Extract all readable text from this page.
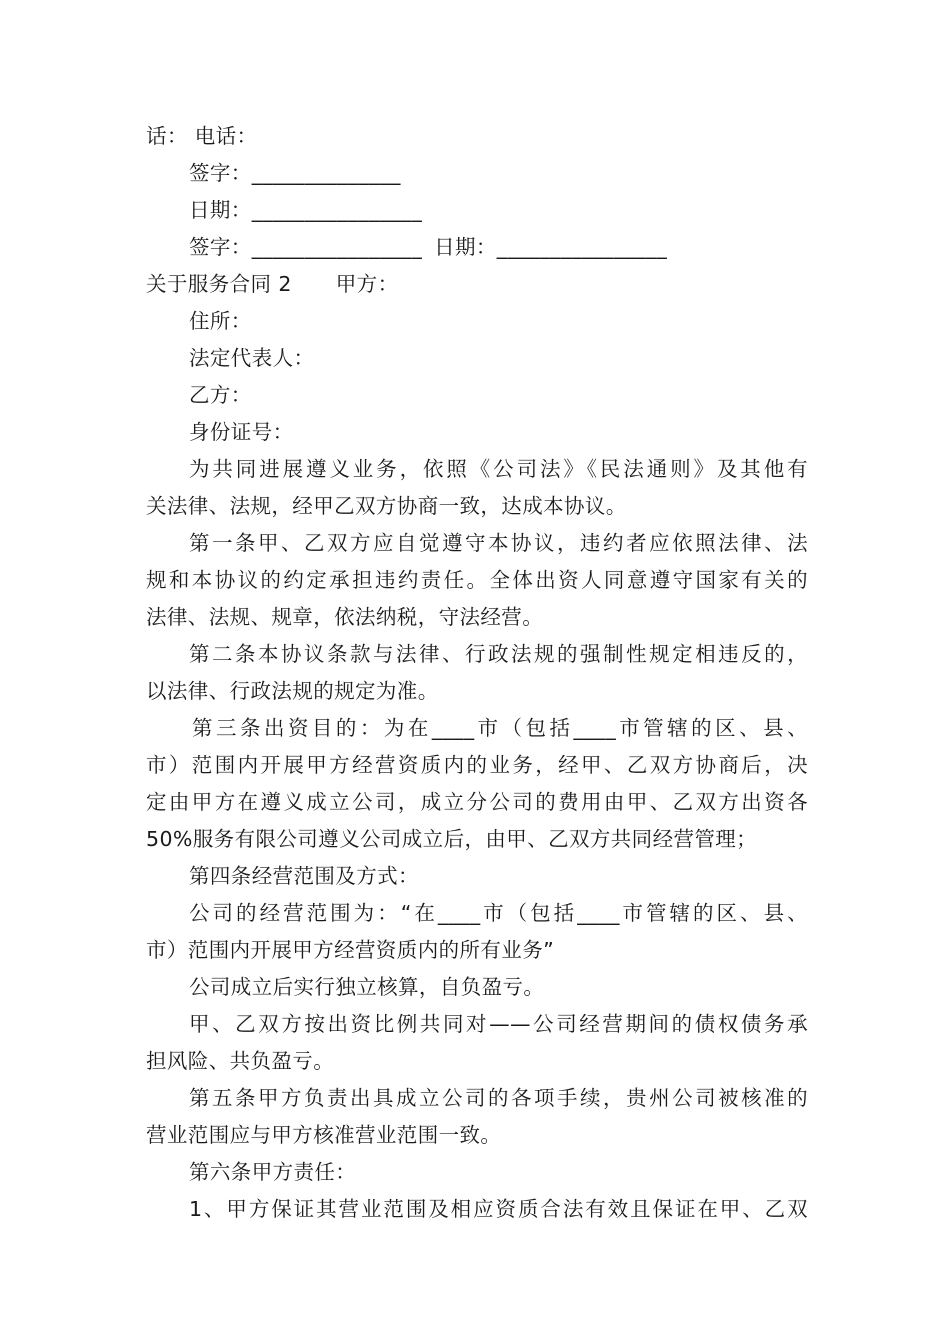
话： 电话：
签字：______________
日期：________________
签字：________________ 日期：________________
关于服务合同 2 甲方：
住所：
法定代表人：
乙方：
身份证号：
为共同进展遵义业务，依照《公司法》《民法通则》及其他有
关法律、法规，经甲乙双方协商一致，达成本协议。
第一条甲、乙双方应自觉遵守本协议，违约者应依照法律、法
规和本协议的约定承担违约责任。全体出资人同意遵守国家有关的
法律、法规、规章，依法纳税，守法经营。
第二条本协议条款与法律、行政法规的强制性规定相违反的，
以法律、行政法规的规定为准。
第三条出资目的：为在____市（包括____市管辖的区、县、
市）范围内开展甲方经营资质内的业务，经甲、乙双方协商后，决
定由甲方在遵义成立公司，成立分公司的费用由甲、乙双方出资各
50%服务有限公司遵义公司成立后，由甲、乙双方共同经营管理；
第四条经营范围及方式：
公司的经营范围为：“在____市（包括____市管辖的区、县、
市）范围内开展甲方经营资质内的所有业务”
公司成立后实行独立核算，自负盈亏。
甲、乙双方按出资比例共同对——公司经营期间的债权债务承
担风险、共负盈亏。
第五条甲方负责出具成立公司的各项手续，贵州公司被核准的
营业范围应与甲方核准营业范围一致。
第六条甲方责任：
1、甲方保证其营业范围及相应资质合法有效且保证在甲、乙双
